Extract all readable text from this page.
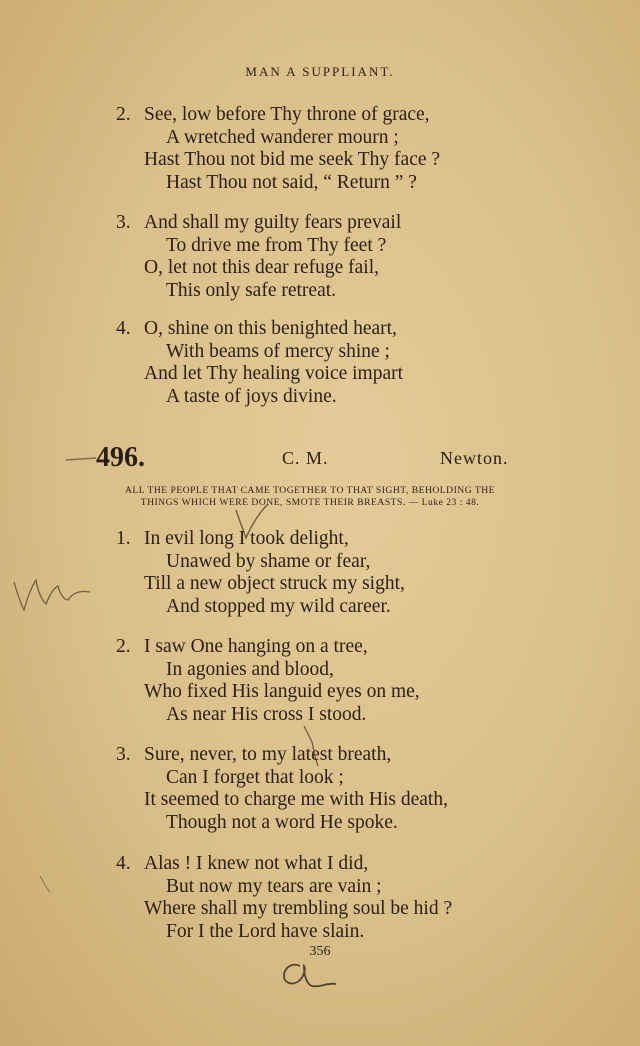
MAN A SUPPLIANT.
2. See, low before Thy throne of grace,
A wretched wanderer mourn ;
Hast Thou not bid me seek Thy face ?
Hast Thou not said, “ Return ” ?
3. And shall my guilty fears prevail
To drive me from Thy feet ?
O, let not this dear refuge fail,
This only safe retreat.
4. O, shine on this benighted heart,
With beams of mercy shine ;
And let Thy healing voice impart
A taste of joys divine.
496.	C. M.	Newton.
ALL THE PEOPLE THAT CAME TOGETHER TO THAT SIGHT, BEHOLDING THE
THINGS WHICH WERE DONE, SMOTE THEIR BREASTS. — Luke 23 : 48.
1. In evil long I took delight,
Unawed by shame or fear,
Till a new object struck my sight,
And stopped my wild career.
2. I saw One hanging on a tree,
In agonies and blood,
Who fixed His languid eyes on me,
As near His cross I stood.
3. Sure, never, to my latest breath,
Can I forget that look ;
It seemed to charge me with His death,
Though not a word He spoke.
4. Alas ! I knew not what I did,
But now my tears are vain ;
Where shall my trembling soul be hid ?
For I the Lord have slain.
356
